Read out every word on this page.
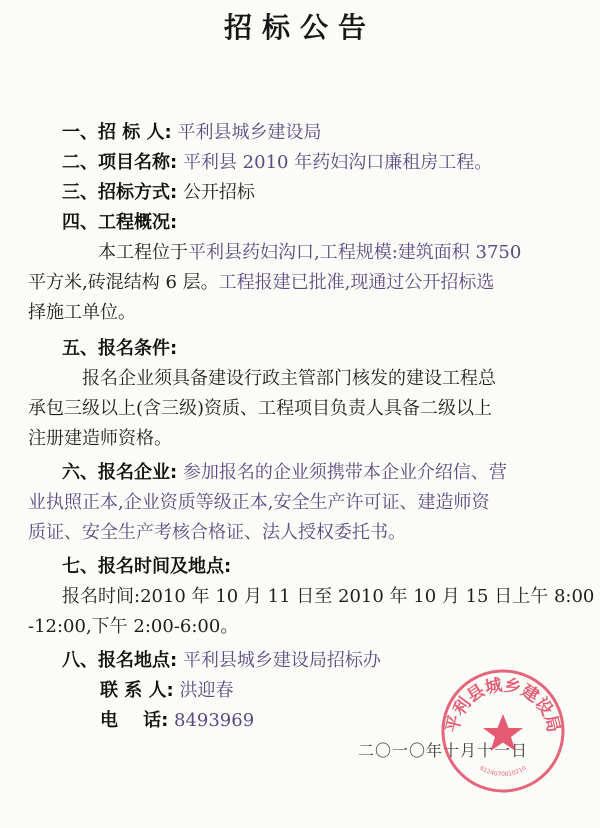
招标公告
一、招 标 人: 平利县城乡建设局
二、项目名称: 平利县 2010 年药妇沟口廉租房工程。
三、招标方式: 公开招标
四、工程概况:
本工程位于平利县药妇沟口,工程规模:建筑面积 3750
平方米,砖混结构 6 层。工程报建已批准,现通过公开招标选
择施工单位。
五、报名条件:
报名企业须具备建设行政主管部门核发的建设工程总
承包三级以上(含三级)资质、工程项目负责人具备二级以上
注册建造师资格。
六、报名企业: 参加报名的企业须携带本企业介绍信、营
业执照正本,企业资质等级正本,安全生产许可证、建造师资
质证、安全生产考核合格证、法人授权委托书。
七、报名时间及地点:
报名时间:2010 年 10 月 11 日至 2010 年 10 月 15 日上午 8:00
-12:00,下午 2:00-6:00。
八、报名地点: 平利县城乡建设局招标办
联 系 人: 洪迎春
电    话: 8493969
二〇一〇年十月十一日
平利县城乡建设局
6124070010210
